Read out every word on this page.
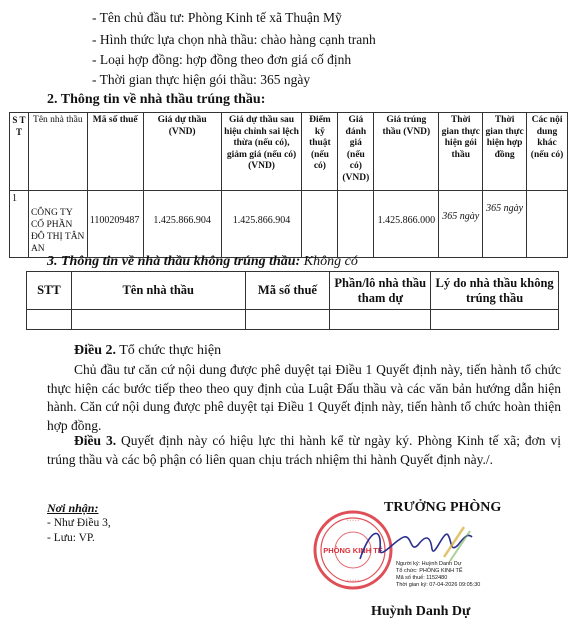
- Tên chủ đầu tư: Phòng Kinh tế xã Thuận Mỹ
- Hình thức lựa chọn nhà thầu: chào hàng cạnh tranh
- Loại hợp đồng: hợp đồng theo đơn giá cố định
- Thời gian thực hiện gói thầu: 365 ngày
2. Thông tin về nhà thầu trúng thầu:
S T T	Tên nhà thầu	Mã số thuế	Giá dự thầu (VND)	Giá dự thầu sau hiệu chỉnh sai lệch thừa (nếu có), giảm giá (nếu có) (VND)	Điểm kỹ thuật (nếu có)	Giá đánh giá (nếu có) (VND)	Giá trúng thầu (VND)	Thời gian thực hiện gói thầu	Thời gian thực hiện hợp đồng	Các nội dung khác (nếu có)
1	CÔNG TY CỔ PHẦN ĐÔ THỊ TÂN AN	1100209487	1.425.866.904	1.425.866.904			1.425.866.000	365 ngày	365 ngày	
3. Thông tin về nhà thầu không trúng thầu: Không có
STT	Tên nhà thầu	Mã số thuế	Phần/lô nhà thầu tham dự	Lý do nhà thầu không trúng thầu

Điều 2. Tổ chức thực hiện
Chủ đầu tư căn cứ nội dung được phê duyệt tại Điều 1 Quyết định này, tiến hành tổ chức thực hiện các bước tiếp theo theo quy định của Luật Đấu thầu và các văn bản hướng dẫn hiện hành. Căn cứ nội dung được phê duyệt tại Điều 1 Quyết định này, tiến hành tổ chức hoàn thiện hợp đồng.
Điều 3. Quyết định này có hiệu lực thi hành kể từ ngày ký. Phòng Kinh tế xã; đơn vị trúng thầu và các bộ phận có liên quan chịu trách nhiệm thi hành Quyết định này./.
Nơi nhận:
- Như Điều 3,
- Lưu: VP.
TRƯỞNG PHÒNG
PHÒNG KINH TẾ
* * * * *
* * * * *
Người ký: Huỳnh Danh Dự
Tổ chức: PHÒNG KINH TẾ
Mã số thuế: 1152480
Thời gian ký: 07-04-2026 09:05:30
Huỳnh Danh Dự
